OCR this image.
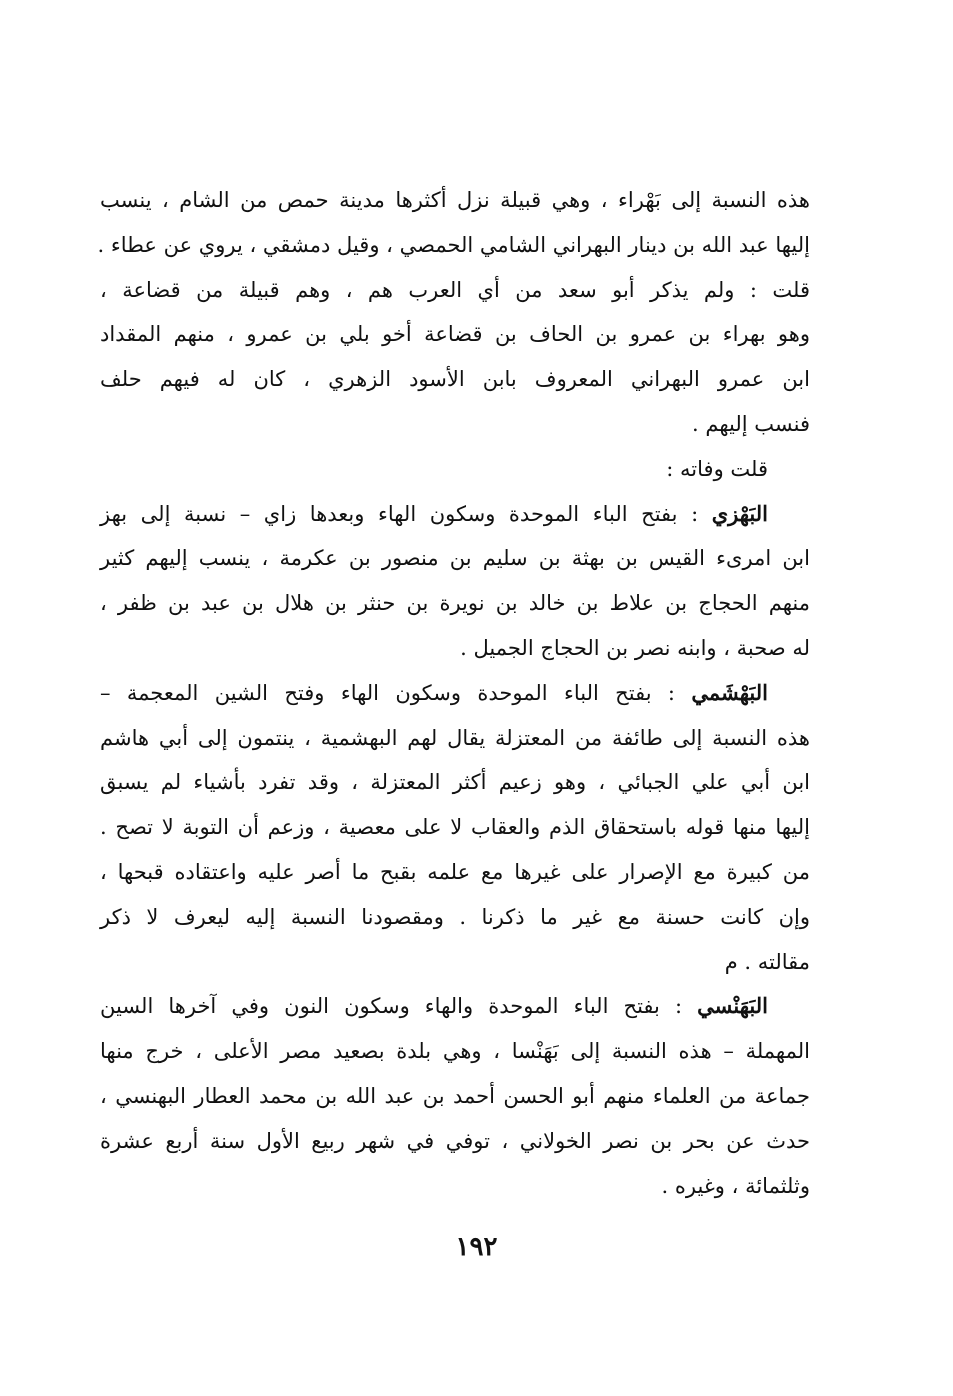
هذه النسبة إلى بَهْراء ، وهي قبيلة نزل أكثرها مدينة حمص من الشام ، ينسب
إليها عبد الله بن دينار البهراني الشامي الحمصي ، وقيل دمشقي ، يروي عن عطاء .
قلت : ولم يذكر أبو سعد من أي العرب هم ، وهم قبيلة من قضاعة ،
وهو بهراء بن عمرو بن الحاف بن قضاعة أخو بلي بن عمرو ، منهم المقداد
ابن عمرو البهراني المعروف بابن الأسود الزهري ، كان له فيهم حلف
فنسب إليهم .
قلت وفاته :
البَهْزي : بفتح الباء الموحدة وسكون الهاء وبعدها زاي – نسبة إلى بهز
ابن امرىء القيس بن بهثة بن سليم بن منصور بن عكرمة ، ينسب إليهم كثير
منهم الحجاج بن علاط بن خالد بن نويرة بن حنثر بن هلال بن عبد بن ظفر ،
له صحبة ، وابنه نصر بن الحجاج الجميل .
البَهْشَمي : بفتح الباء الموحدة وسكون الهاء وفتح الشين المعجمة –
هذه النسبة إلى طائفة من المعتزلة يقال لهم البهشمية ، ينتمون إلى أبي هاشم
ابن أبي علي الجبائي ، وهو زعيم أكثر المعتزلة ، وقد تفرد بأشياء لم يسبق
إليها منها قوله باستحقاق الذم والعقاب لا على معصية ، وزعم أن التوبة لا تصح .
من كبيرة مع الإصرار على غيرها مع علمه بقبح ما أصر عليه واعتقاده قبحها ،
وإن كانت حسنة مع غير ما ذكرنا . ومقصودنا النسبة إليه ليعرف لا ذكر
مقالته . م
البَهَنْسي : بفتح الباء الموحدة والهاء وسكون النون وفي آخرها السين
المهملة – هذه النسبة إلى بَهَنْسا ، وهي بلدة بصعيد مصر الأعلى ، خرج منها
جماعة من العلماء منهم أبو الحسن أحمد بن عبد الله بن محمد العطار البهنسي ،
حدث عن بحر بن نصر الخولاني ، توفي في شهر ربيع الأول سنة أربع عشرة
وثلثمائة ، وغيره .
١٩٢
